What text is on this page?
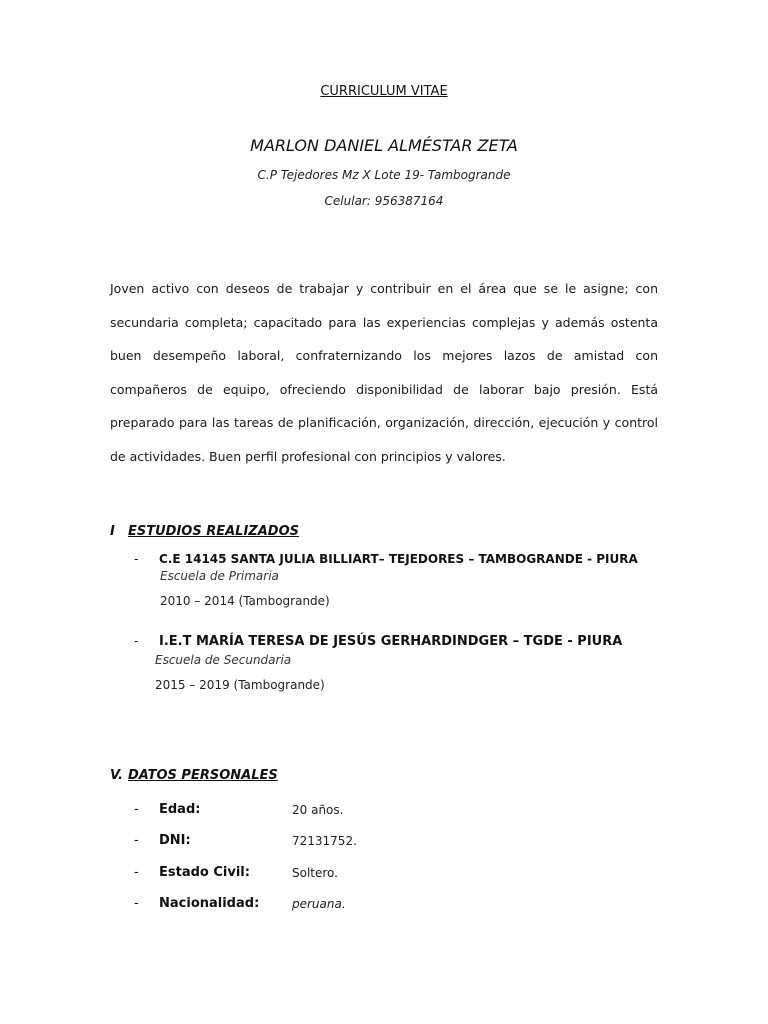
CURRICULUM VITAE
MARLON DANIEL ALMÉSTAR ZETA
C.P Tejedores Mz X Lote 19- Tambogrande
Celular: 956387164
Joven activo con deseos de trabajar y contribuir en el área que se le asigne; con secundaria completa; capacitado para las experiencias complejas y además ostenta buen desempeño laboral, confraternizando los mejores lazos de amistad con compañeros de equipo, ofreciendo disponibilidad de laborar bajo presión. Está preparado para las tareas de planificación, organización, dirección, ejecución y control de actividades. Buen perfil profesional con principios y valores.
I ESTUDIOS REALIZADOS
- C.E 14145 SANTA JULIA BILLIART– TEJEDORES – TAMBOGRANDE - PIURA
Escuela de Primaria
2010 – 2014 (Tambogrande)
- I.E.T MARÍA TERESA DE JESÚS GERHARDINDGER – TGDE - PIURA
Escuela de Secundaria
2015 – 2019 (Tambogrande)
V. DATOS PERSONALES
- Edad:	20 años.
- DNI:	72131752.
- Estado Civil:	Soltero.
- Nacionalidad:	peruana.
